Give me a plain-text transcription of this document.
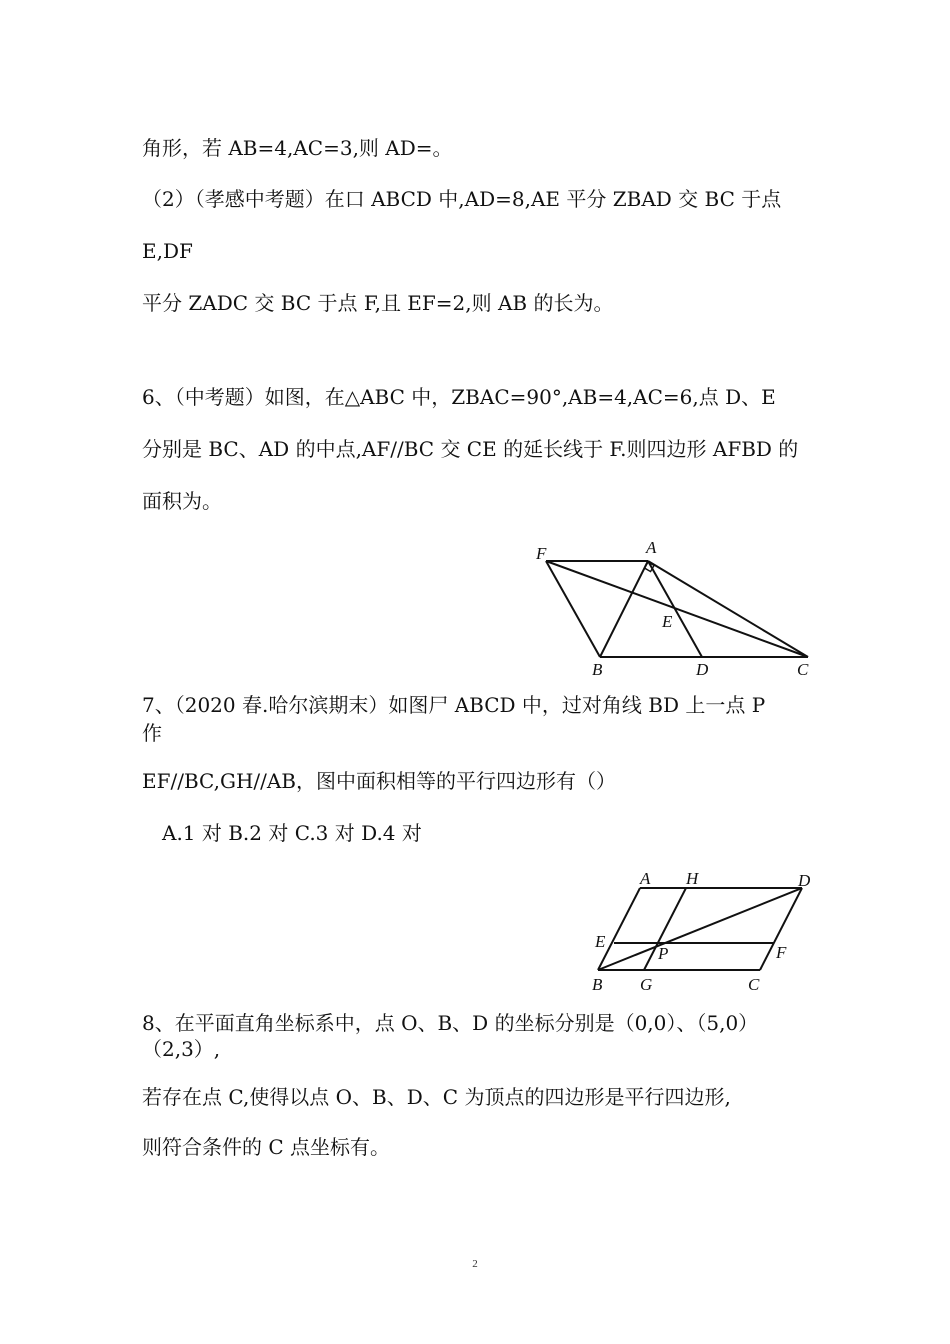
角形，若 AB=4,AC=3,则 AD=。
（2）（孝感中考题）在口 ABCD 中,AD=8,AE 平分 ZBAD 交 BC 于点
E,DF
平分 ZADC 交 BC 于点 F,且 EF=2,则 AB 的长为。
6、（中考题）如图，在△ABC 中，ZBAC=90°,AB=4,AC=6,点 D、E
分别是 BC、AD 的中点,AF//BC 交 CE 的延长线于 F.则四边形 AFBD 的
面积为。
F	A
E
B	D	C
7、（2020 春.哈尔滨期末）如图尸 ABCD 中，过对角线 BD 上一点 P
作
EF//BC,GH//AB，图中面积相等的平行四边形有（）
A.1 对 B.2 对 C.3 对 D.4 对
A H	D
E
P	F
B G	C
8、在平面直角坐标系中，点 O、B、D 的坐标分别是（0,0）、（5,0）
（2,3）,
若存在点 C,使得以点 O、B、D、C 为顶点的四边形是平行四边形,
则符合条件的 C 点坐标有。
2
